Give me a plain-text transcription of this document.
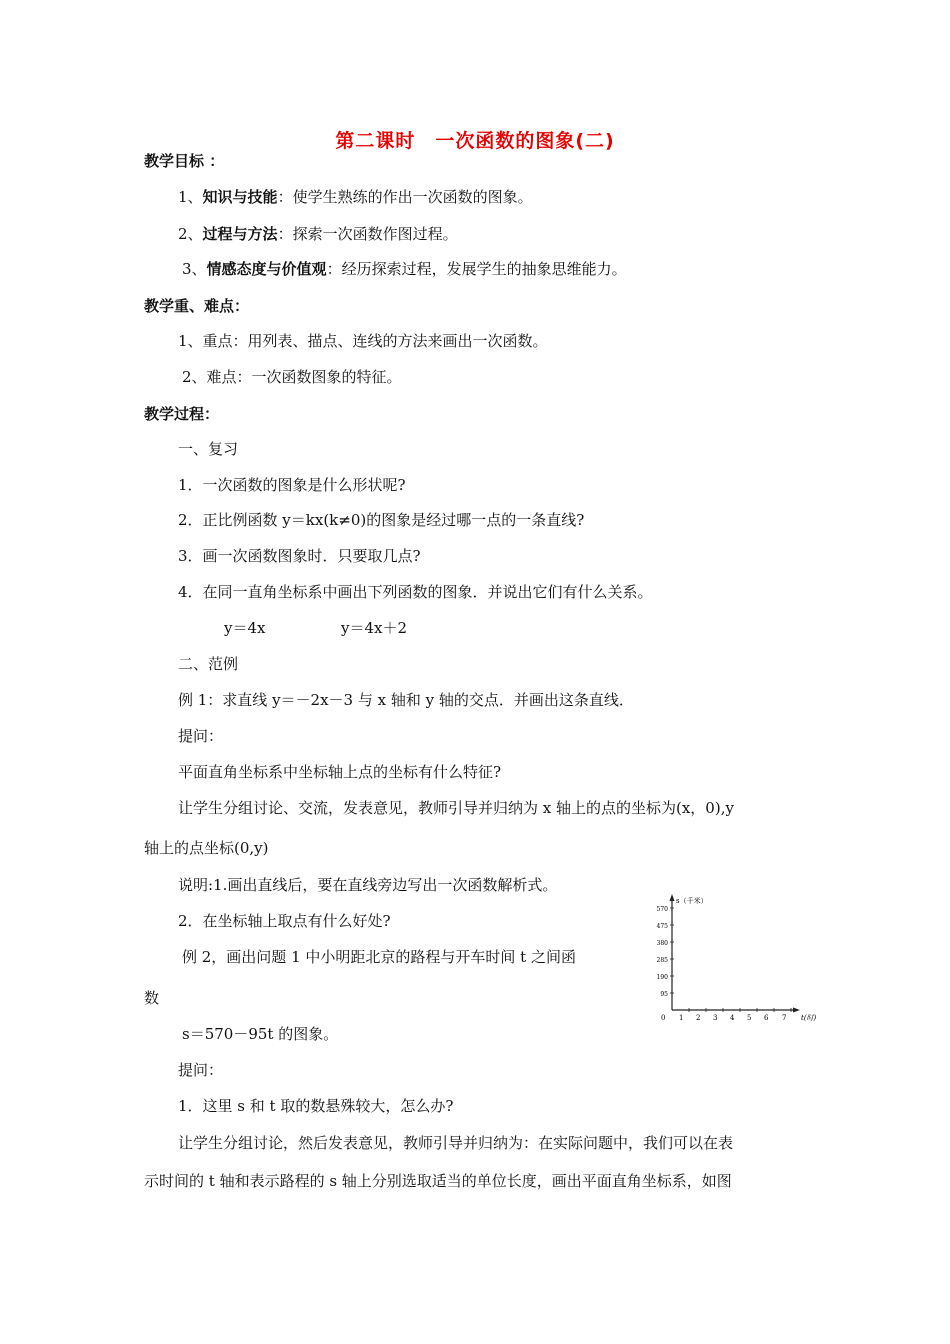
第二课时　一次函数的图象(二)
教学目标 ：
1、知识与技能：使学生熟练的作出一次函数的图象。
2、过程与方法：探索一次函数作图过程。
3、情感态度与价值观：经历探索过程，发展学生的抽象思维能力。
教学重、难点：
1、重点：用列表、描点、连线的方法来画出一次函数。
2、难点：一次函数图象的特征。
教学过程：
一、复习
1．一次函数的图象是什么形状呢?
2．正比例函数 y＝kx(k≠0)的图象是经过哪一点的一条直线?
3．画一次函数图象时．只要取几点?
4．在同一直角坐标系中画出下列函数的图象．并说出它们有什么关系。
y＝4x	y＝4x＋2
二、范例
例 1：求直线 y＝－2x－3 与 x 轴和 y 轴的交点．并画出这条直线．
提问：
平面直角坐标系中坐标轴上点的坐标有什么特征?
让学生分组讨论、交流，发表意见，教师引导并归纳为 x 轴上的点的坐标为(x，0),y
轴上的点坐标(0,y)
说明:1.画出直线后，要在直线旁边写出一次函数解析式。
2．在坐标轴上取点有什么好处?
例 2，画出问题 1 中小明距北京的路程与开车时间 t 之间函
数
s＝570－95t 的图象。
提问：
1．这里 s 和 t 取的数悬殊较大，怎么办?
让学生分组讨论，然后发表意见，教师引导并归纳为：在实际问题中，我们可以在表
示时间的 t 轴和表示路程的 s 轴上分别选取适当的单位长度，画出平面直角坐标系，如图
s（千米）
t(时)
0
570
475
380
285
190
95
1 2 3 4 5 6 7
